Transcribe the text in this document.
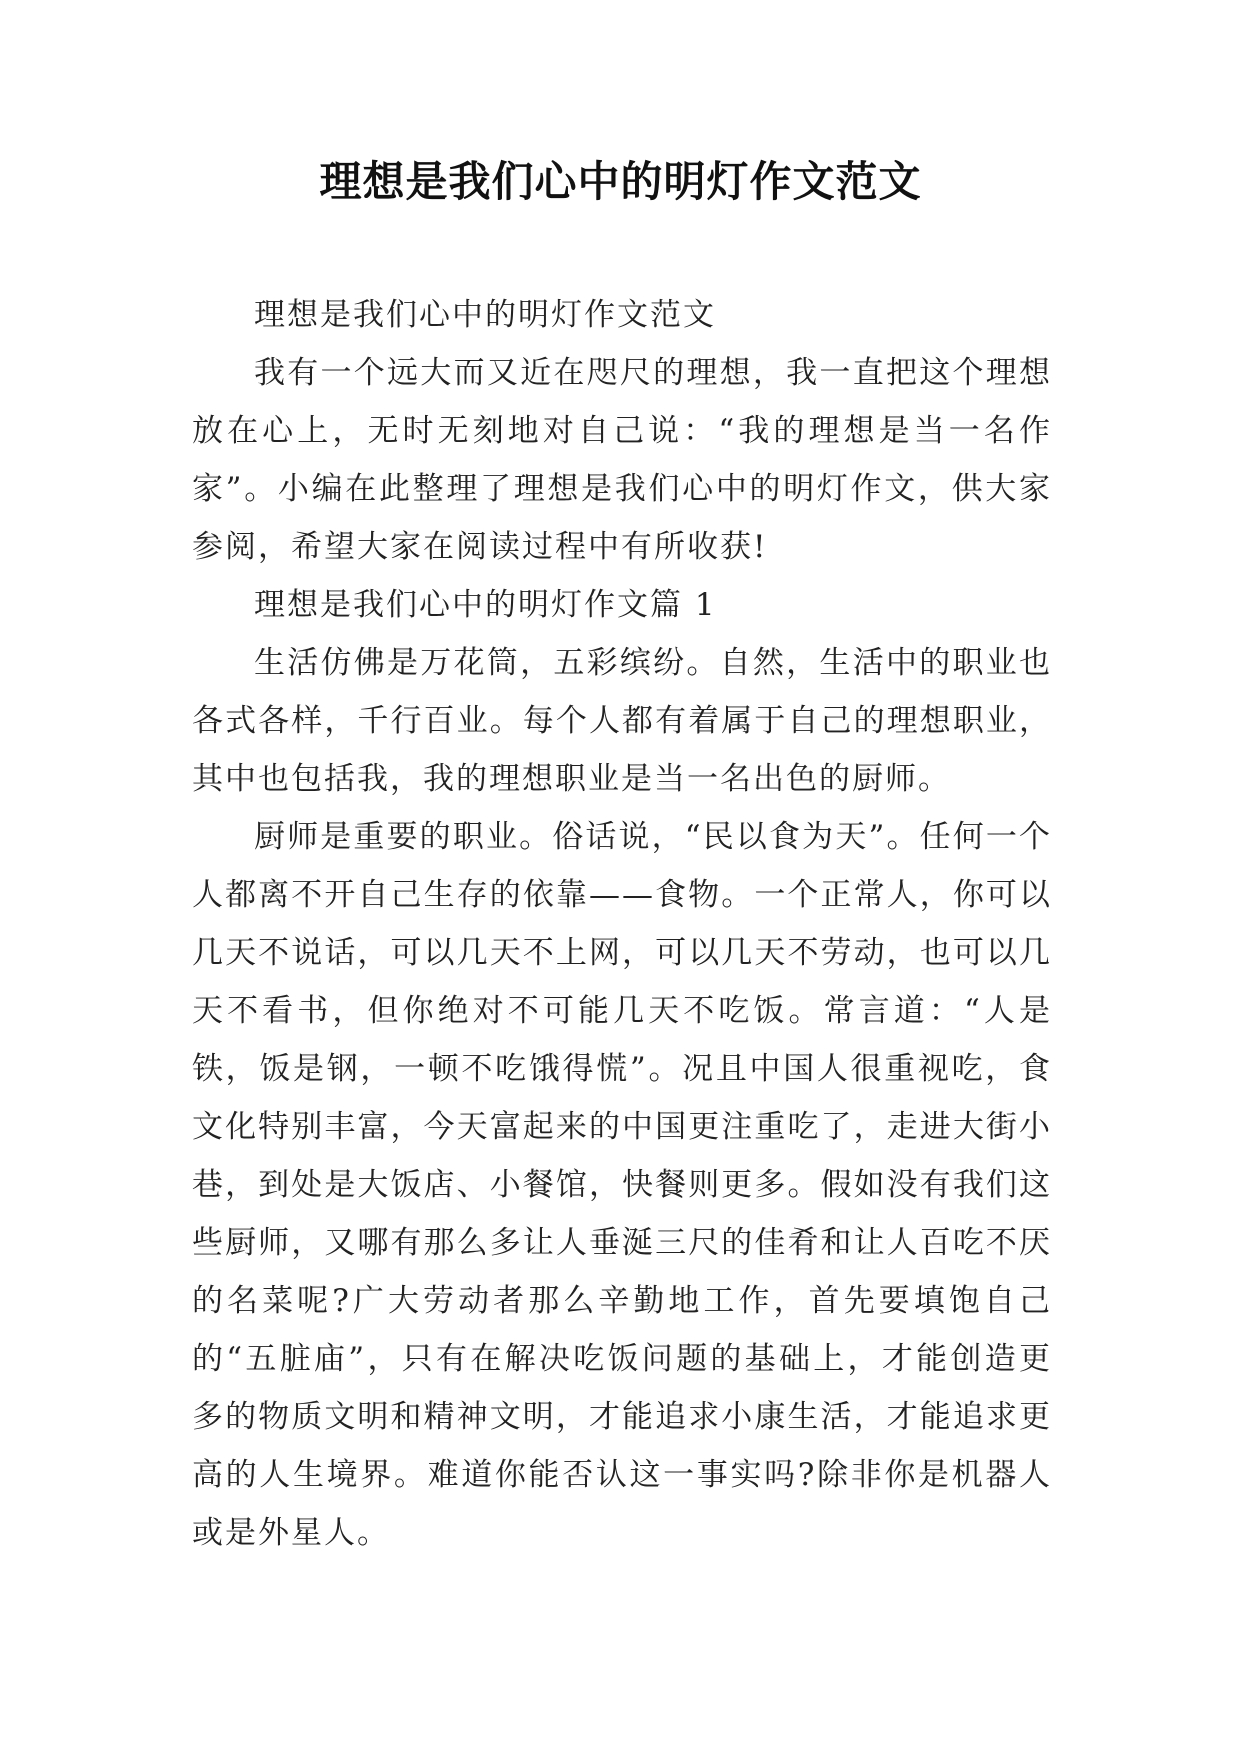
理想是我们心中的明灯作文范文

理想是我们心中的明灯作文范文

我有一个远大而又近在咫尺的理想，我一直把这个理想放在心上，无时无刻地对自己说：“我的理想是当一名作家”。小编在此整理了理想是我们心中的明灯作文，供大家参阅，希望大家在阅读过程中有所收获!

理想是我们心中的明灯作文篇 1

生活仿佛是万花筒，五彩缤纷。自然，生活中的职业也各式各样，千行百业。每个人都有着属于自己的理想职业，其中也包括我，我的理想职业是当一名出色的厨师。

厨师是重要的职业。俗话说，“民以食为天”。任何一个人都离不开自己生存的依靠——食物。一个正常人，你可以几天不说话，可以几天不上网，可以几天不劳动，也可以几天不看书，但你绝对不可能几天不吃饭。常言道：“人是铁，饭是钢，一顿不吃饿得慌”。况且中国人很重视吃，食文化特别丰富，今天富起来的中国更注重吃了，走进大街小巷，到处是大饭店、小餐馆，快餐则更多。假如没有我们这些厨师，又哪有那么多让人垂涎三尺的佳肴和让人百吃不厌的名菜呢?广大劳动者那么辛勤地工作，首先要填饱自己的“五脏庙”，只有在解决吃饭问题的基础上，才能创造更多的物质文明和精神文明，才能追求小康生活，才能追求更高的人生境界。难道你能否认这一事实吗?除非你是机器人或是外星人。
